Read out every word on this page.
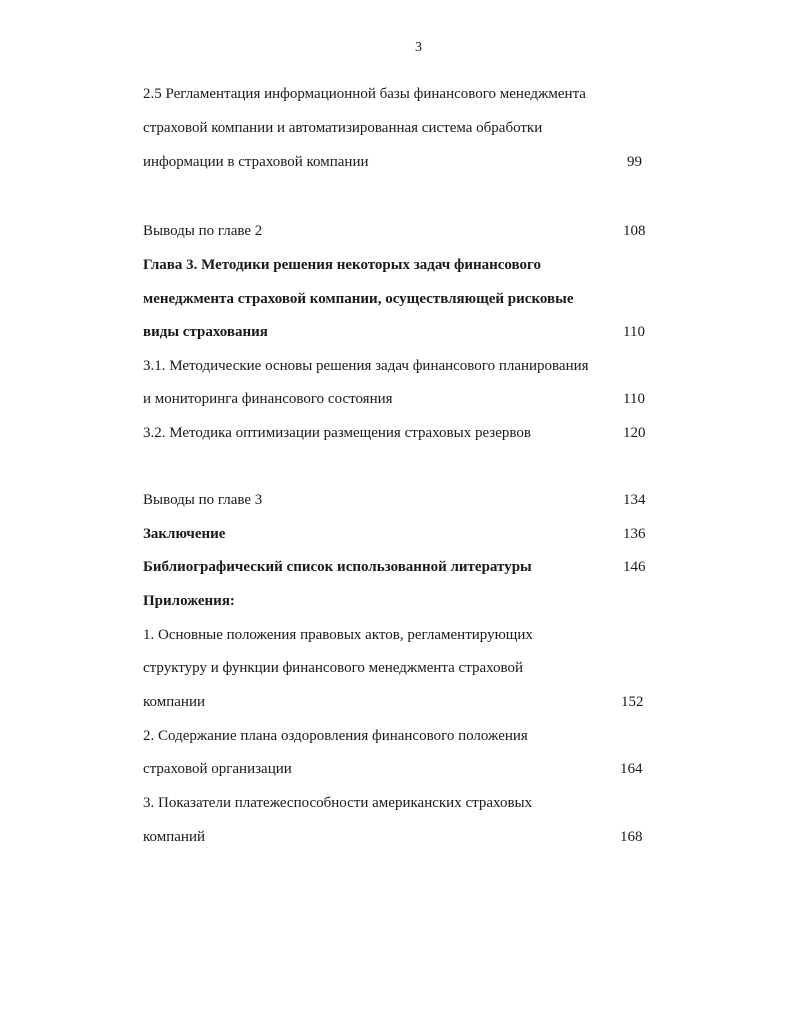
3
2.5 Регламентация информационной базы финансового менеджмента
страховой компании и автоматизированная система обработки
информации в страховой компании	99
Выводы по главе 2	108
Глава 3. Методики решения некоторых задач финансового
менеджмента страховой компании, осуществляющей рисковые
виды страхования	110
3.1. Методические основы решения задач финансового планирования
и мониторинга финансового состояния	110
3.2. Методика оптимизации размещения страховых резервов	120
Выводы по главе 3	134
Заключение	136
Библиографический список использованной литературы	146
Приложения:
1. Основные положения правовых актов, регламентирующих
структуру и функции финансового менеджмента страховой
компании	152
2. Содержание плана оздоровления финансового положения
страховой организации	164
3. Показатели платежеспособности американских страховых
компаний	168
